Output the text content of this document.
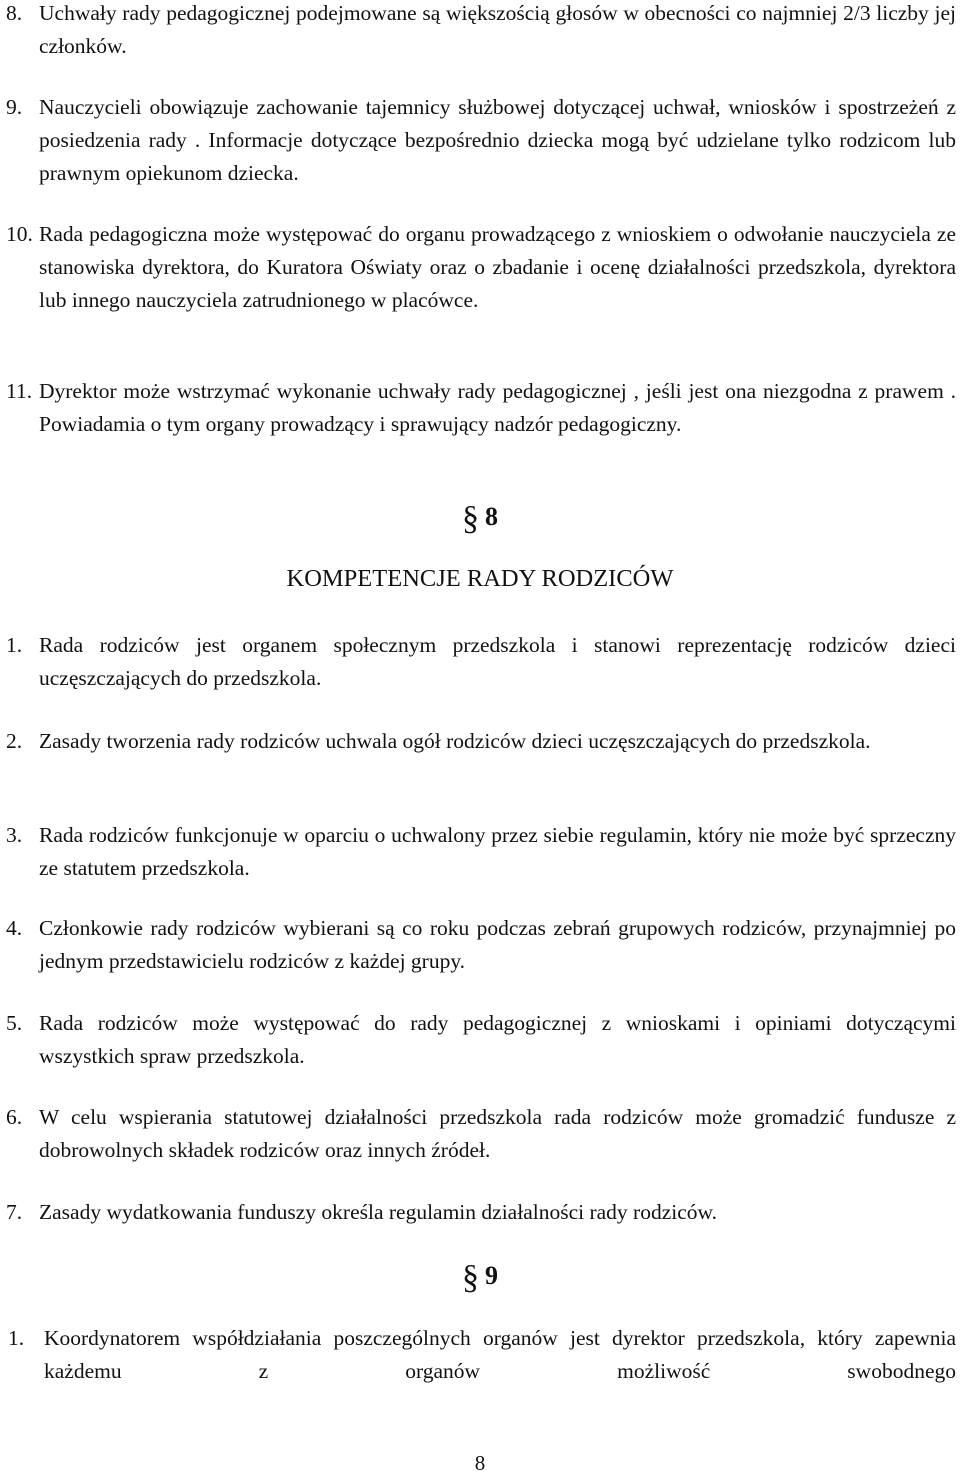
8. Uchwały rady pedagogicznej podejmowane są większością głosów w obecności co najmniej 2/3 liczby jej członków.
9. Nauczycieli obowiązuje zachowanie tajemnicy służbowej dotyczącej uchwał, wniosków i spostrzeżeń z posiedzenia rady . Informacje dotyczące bezpośrednio dziecka mogą być udzielane tylko rodzicom lub prawnym opiekunom dziecka.
10. Rada pedagogiczna może występować do organu prowadzącego z wnioskiem o odwołanie nauczyciela ze stanowiska dyrektora, do Kuratora Oświaty oraz o zbadanie i ocenę działalności przedszkola, dyrektora lub innego nauczyciela zatrudnionego w placówce.
11. Dyrektor może wstrzymać wykonanie uchwały rady pedagogicznej , jeśli jest ona niezgodna z prawem . Powiadamia o tym organy prowadzący i sprawujący nadzór pedagogiczny.
§ 8
KOMPETENCJE RADY RODZICÓW
1. Rada rodziców jest organem społecznym przedszkola i stanowi reprezentację rodziców dzieci uczęszczających do przedszkola.
2. Zasady tworzenia rady rodziców uchwala ogół rodziców dzieci uczęszczających do przedszkola.
3. Rada rodziców funkcjonuje w oparciu o uchwalony przez siebie regulamin, który nie może być sprzeczny ze statutem przedszkola.
4. Członkowie rady rodziców wybierani są co roku podczas zebrań grupowych rodziców, przynajmniej po jednym przedstawicielu rodziców z każdej grupy.
5. Rada rodziców może występować do rady pedagogicznej z wnioskami i opiniami dotyczącymi wszystkich spraw przedszkola.
6. W celu wspierania statutowej działalności przedszkola rada rodziców może gromadzić fundusze z dobrowolnych składek rodziców oraz innych źródeł.
7. Zasady wydatkowania funduszy określa regulamin działalności rady rodziców.
§ 9
1. Koordynatorem współdziałania poszczególnych organów jest dyrektor przedszkola, który zapewnia każdemu z organów możliwość swobodnego
8
